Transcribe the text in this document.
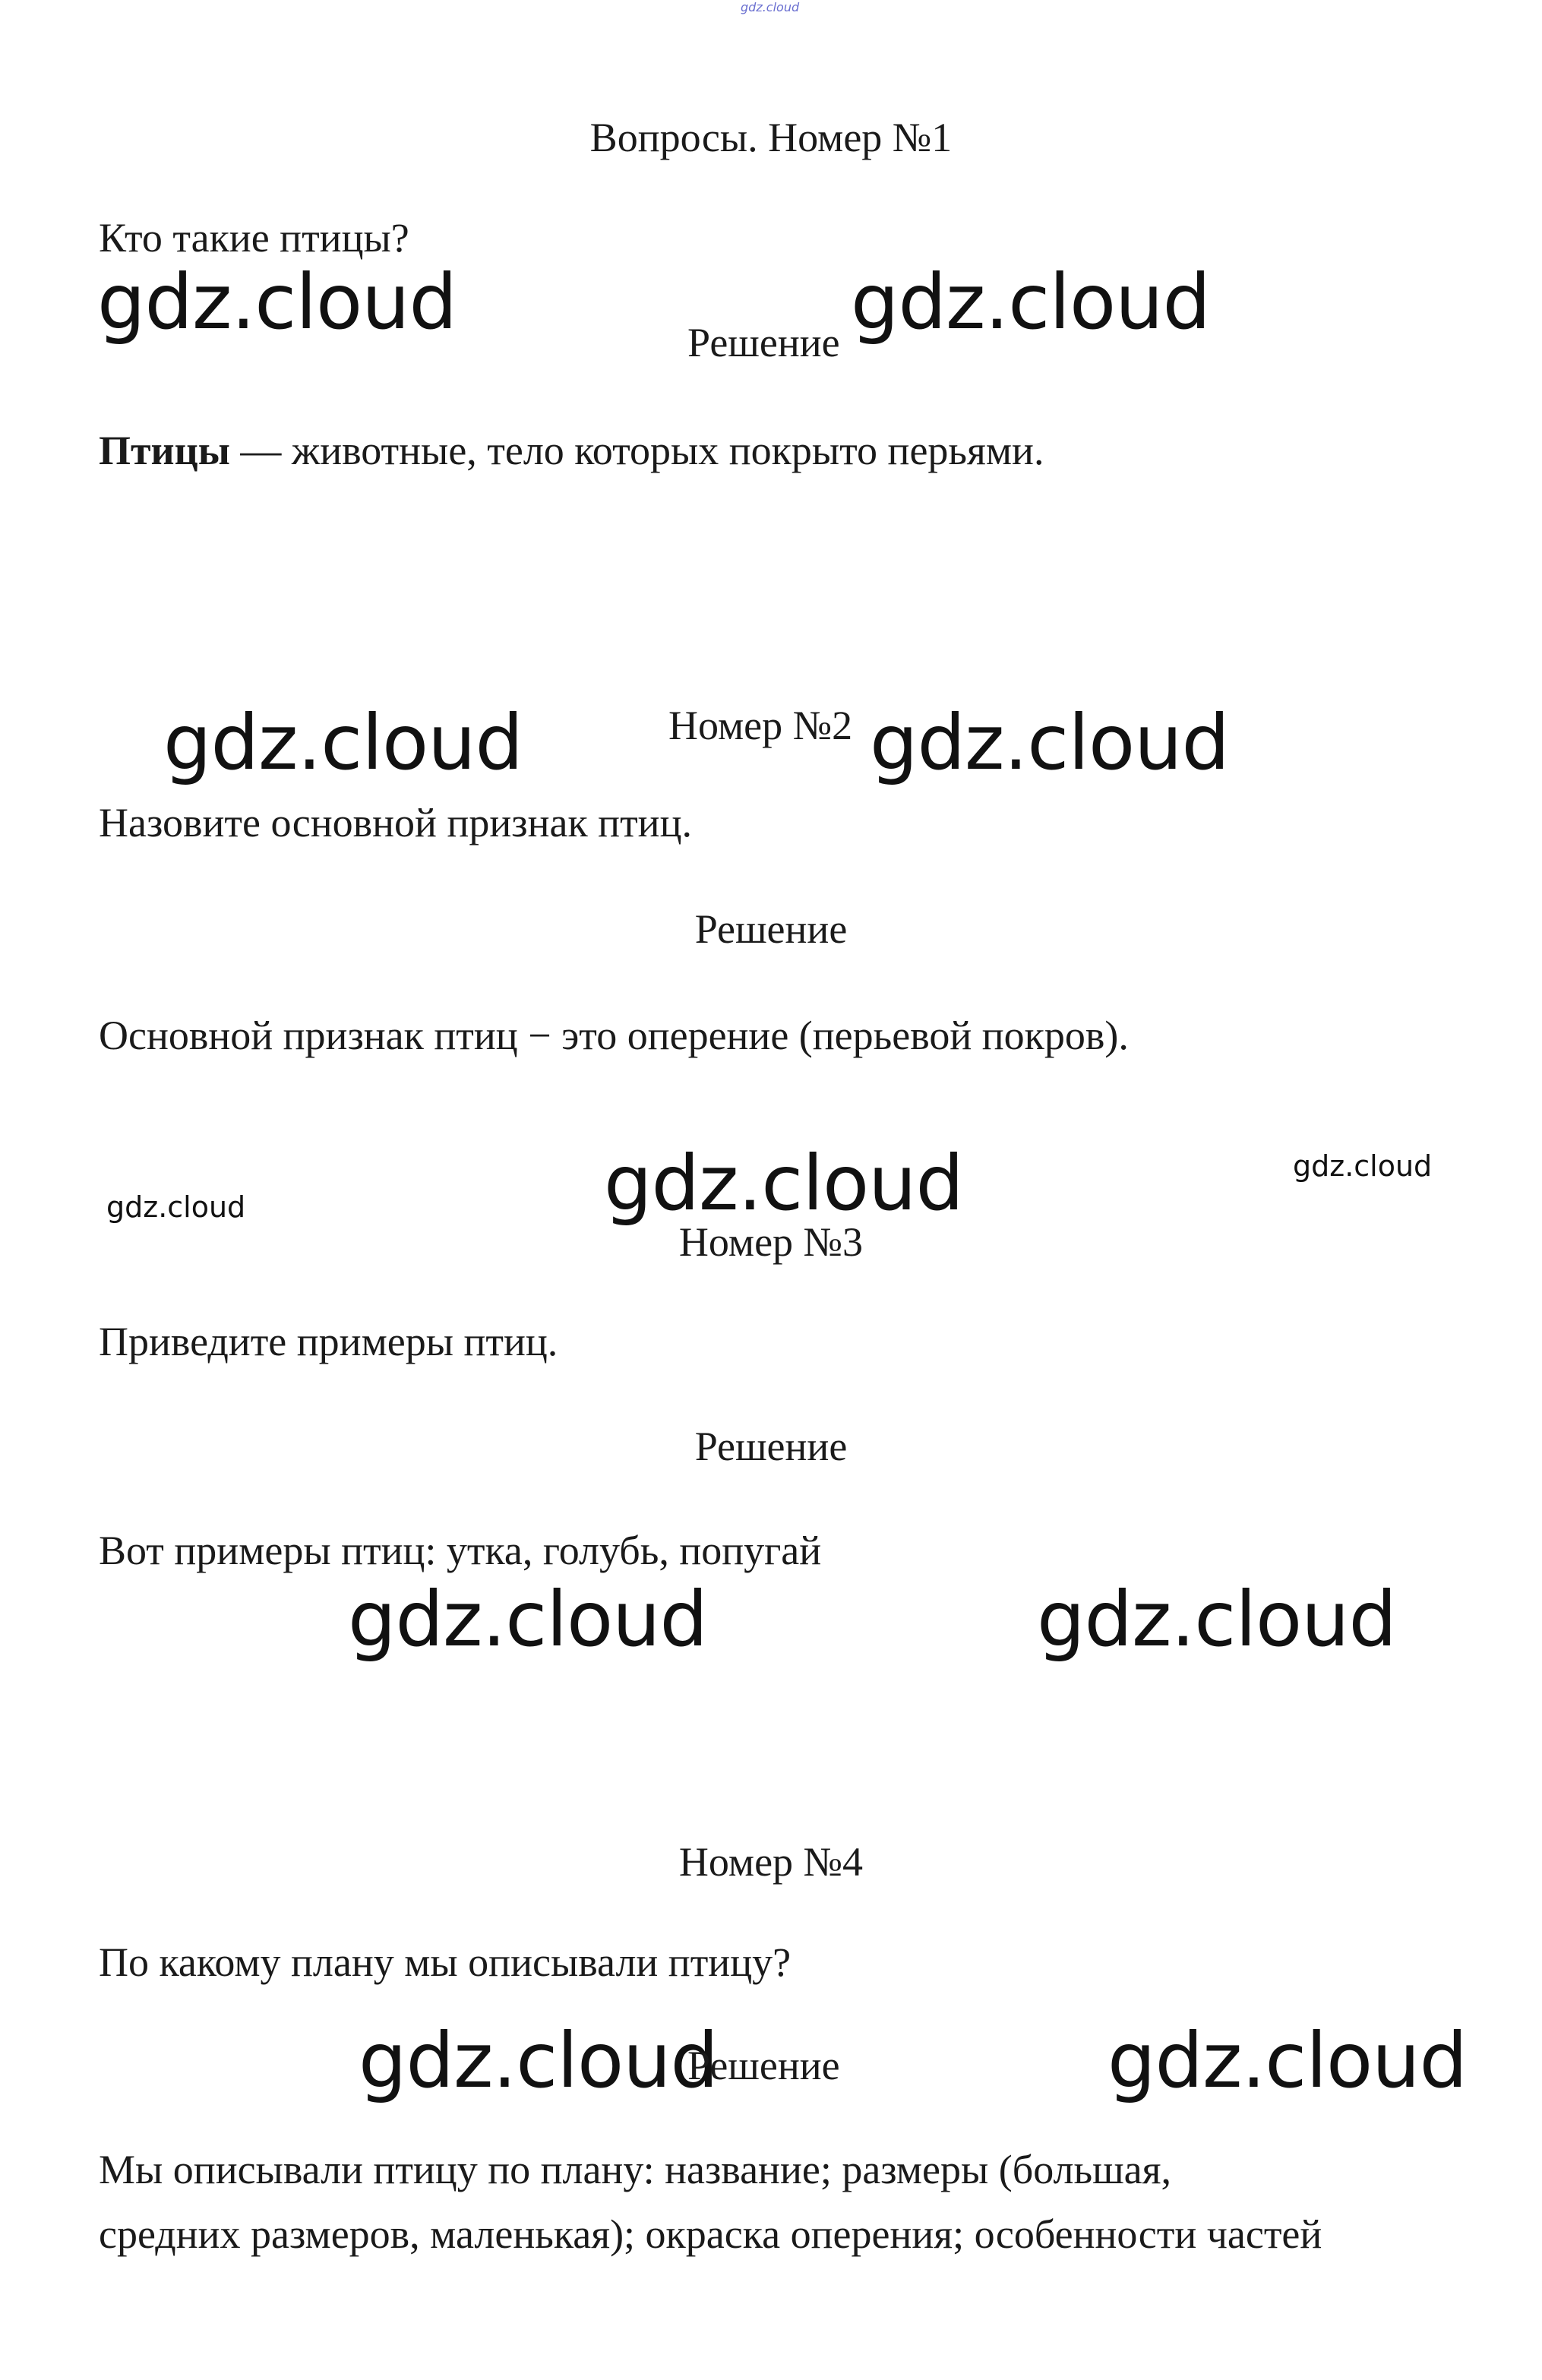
gdz.cloud
Вопросы. Номер №1
Кто такие птицы?
gdz.cloud	Решение gdz.cloud
Птицы — животные, тело которых покрыто перьями.
gdz.cloud	Номер №2 gdz.cloud
Назовите основной признак птиц.
Решение
Основной признак птиц − это оперение (перьевой покров).
gdz.cloud	gdz.cloud	gdz.cloud
Номер №3
Приведите примеры птиц.
Решение
Вот примеры птиц: утка, голубь, попугай
gdz.cloud	gdz.cloud
Номер №4
По какому плану мы описывали птицу?
gdz.cloud
Решение	gdz.cloud
Мы описывали птицу по плану: название; размеры (большая,
средних размеров, маленькая); окраска оперения; особенности частей
